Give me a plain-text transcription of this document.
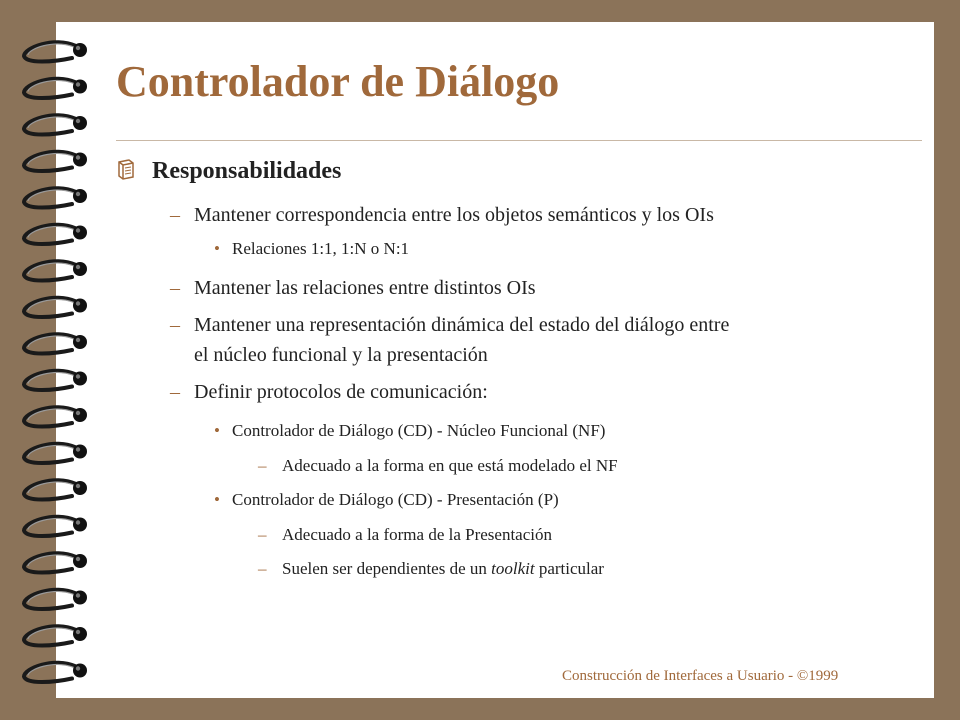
Controlador de Diálogo
Responsabilidades
– Mantener correspondencia entre los objetos semánticos y los OIs
• Relaciones 1:1, 1:N o N:1
– Mantener las relaciones entre distintos OIs
– Mantener una representación dinámica del estado del diálogo entre
el núcleo funcional y la presentación
– Definir protocolos de comunicación:
• Controlador de Diálogo (CD) - Núcleo Funcional (NF)
– Adecuado a la forma en que está modelado el NF
• Controlador de Diálogo (CD) - Presentación (P)
– Adecuado a la forma de la Presentación
– Suelen ser dependientes de un toolkit particular
Construcción de Interfaces a Usuario - ©1999
